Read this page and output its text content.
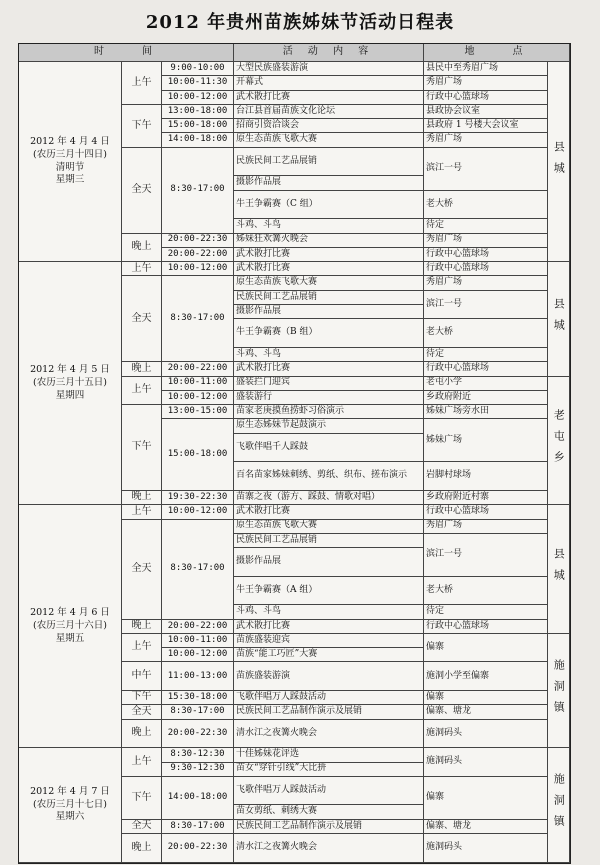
2012 年贵州苗族姊妹节活动日程表
时　　间	活 动 内 容	地　　点
2012 年 4 月 4 日
(农历三月十四日)
清明节
星期三
上午
下午
全天
晚上
9:00-10:00
10:00-11:30
10:00-12:00
13:00-18:00
15:00-18:00
14:00-18:00
8:30-17:00
20:00-22:30
20:00-22:00
大型民族盛装游演
开幕式
武术散打比赛
台江县首届苗族文化论坛
招商引资洽谈会
原生态苗族飞歌大赛
民族民间工艺品展销
摄影作品展
牛王争霸赛（C 组）
斗鸡、斗鸟
姊妹狂欢篝火晚会
武术散打比赛
县民中至秀眉广场
秀眉广场
行政中心篮球场
县政协会议室
县政府 1 号楼大会议室
秀眉广场
滨江一号
老大桥
待定
秀眉广场
行政中心篮球场
县城
2012 年 4 月 5 日
(农历三月十五日)
星期四
上午
全天
晚上
上午
下午
晚上
10:00-12:00
8:30-17:00
20:00-22:00
10:00-11:00
10:00-12:00
13:00-15:00
15:00-18:00
19:30-22:30
武术散打比赛
原生态苗族飞歌大赛
民族民间工艺品展销
摄影作品展
牛王争霸赛（B 组）
斗鸡、斗鸟
武术散打比赛
盛装拦门迎宾
盛装游行
苗家老庚摸鱼捞虾习俗演示
原生态姊妹节起鼓演示
飞歌伴唱千人踩鼓
百名苗家姊妹刺绣、剪纸、织布、搓布演示
苗寨之夜（游方、踩鼓、情歌对唱）
行政中心篮球场
秀眉广场
滨江一号
老大桥
待定
行政中心篮球场
老屯小学
乡政府附近
姊妹广场旁水田
姊妹广场
岩脚村球场
乡政府附近村寨
县城
老屯乡
2012 年 4 月 6 日
(农历三月十六日)
星期五
上午
全天
晚上
上午
中午
下午
全天
晚上
10:00-12:00
8:30-17:00
20:00-22:00
10:00-11:00
10:00-12:00
11:00-13:00
15:30-18:00
8:30-17:00
20:00-22:30
武术散打比赛
原生态苗族飞歌大赛
民族民间工艺品展销
摄影作品展
牛王争霸赛（A 组）
斗鸡、斗鸟
武术散打比赛
苗族盛装迎宾
苗族“能工巧匠”大赛
苗族盛装游演
飞歌伴唱万人踩鼓活动
民族民间工艺品制作演示及展销
清水江之夜篝火晚会
行政中心篮球场
秀眉广场
滨江一号
老大桥
待定
行政中心篮球场
偏寨
施洞小学至偏寨
偏寨
偏寨、塘龙
施洞码头
县城
施洞镇
2012 年 4 月 7 日
(农历三月十七日)
星期六
上午
下午
全天
晚上
8:30-12:30
9:30-12:30
14:00-18:00
8:30-17:00
20:00-22:30
十佳姊妹花评选
苗女“穿针引线”大比拼
飞歌伴唱万人踩鼓活动
苗女剪纸、刺绣大赛
民族民间工艺品制作演示及展销
清水江之夜篝火晚会
施洞码头
偏寨
偏寨、塘龙
施洞码头
施洞镇
